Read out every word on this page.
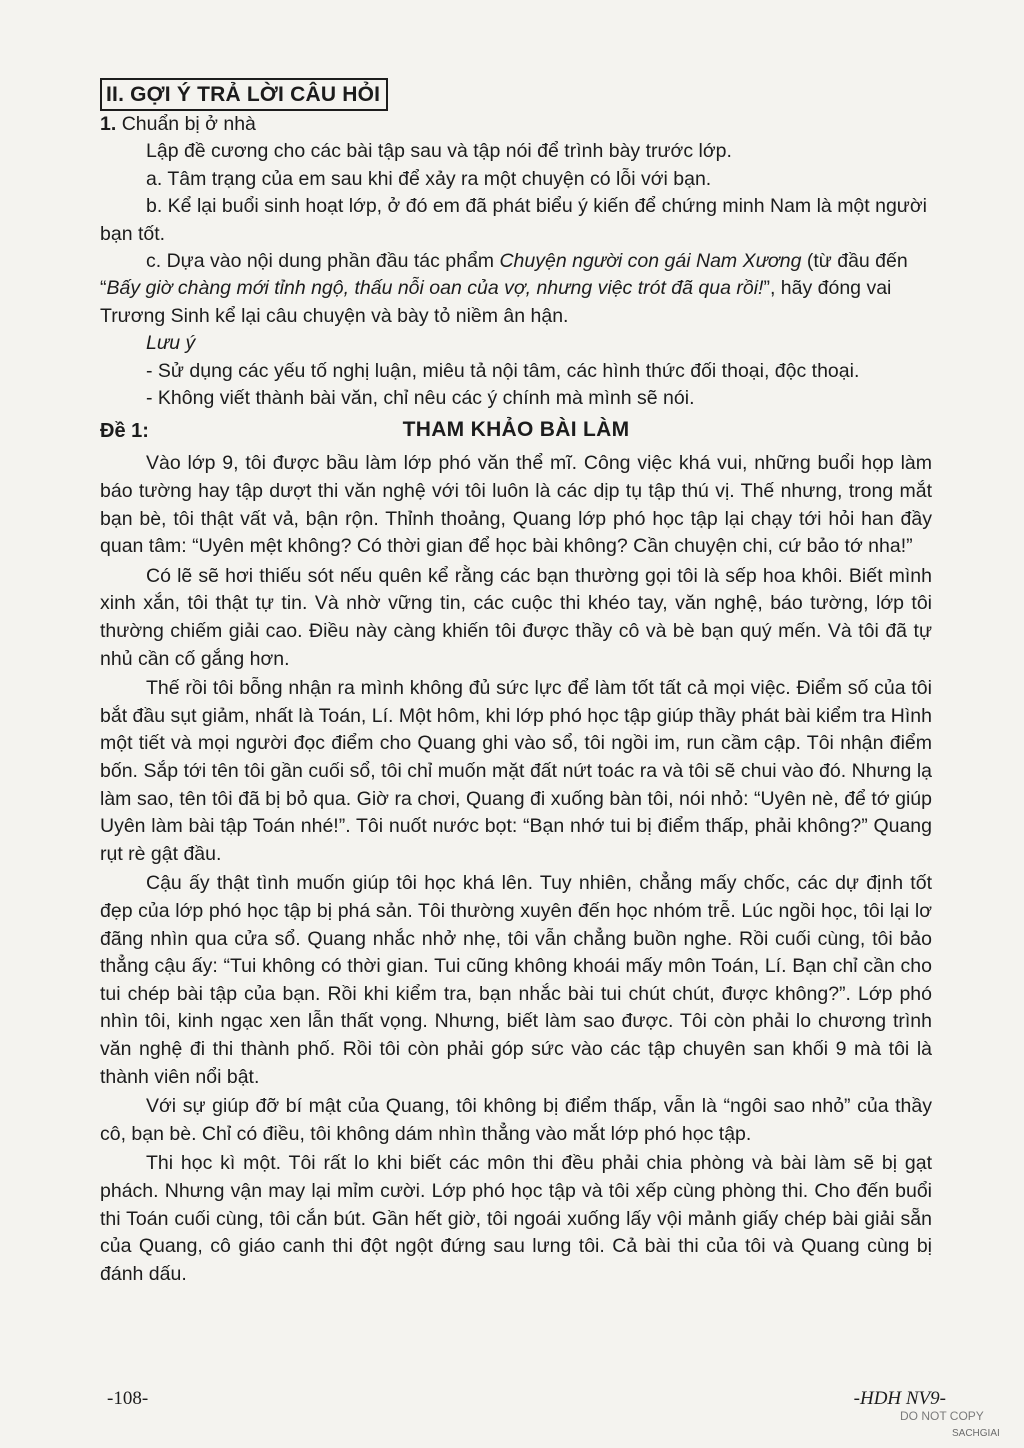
II. GỢI Ý TRẢ LỜI CÂU HỎI

1. Chuẩn bị ở nhà

Lập đề cương cho các bài tập sau và tập nói để trình bày trước lớp.

a. Tâm trạng của em sau khi để xảy ra một chuyện có lỗi với bạn.

b. Kể lại buổi sinh hoạt lớp, ở đó em đã phát biểu ý kiến để chứng minh Nam là một người bạn tốt.

c. Dựa vào nội dung phần đầu tác phẩm Chuyện người con gái Nam Xương (từ đầu đến “Bấy giờ chàng mới tỉnh ngộ, thấu nỗi oan của vợ, nhưng việc trót đã qua rồi!”, hãy đóng vai Trương Sinh kể lại câu chuyện và bày tỏ niềm ân hận.

Lưu ý

- Sử dụng các yếu tố nghị luận, miêu tả nội tâm, các hình thức đối thoại, độc thoại.

- Không viết thành bài văn, chỉ nêu các ý chính mà mình sẽ nói.

Đề 1:	THAM KHẢO BÀI LÀM

Vào lớp 9, tôi được bầu làm lớp phó văn thể mĩ. Công việc khá vui, những buổi họp làm báo tường hay tập dượt thi văn nghệ với tôi luôn là các dịp tụ tập thú vị. Thế nhưng, trong mắt bạn bè, tôi thật vất vả, bận rộn. Thỉnh thoảng, Quang lớp phó học tập lại chạy tới hỏi han đầy quan tâm: “Uyên mệt không? Có thời gian để học bài không? Cần chuyện chi, cứ bảo tớ nha!”

Có lẽ sẽ hơi thiếu sót nếu quên kể rằng các bạn thường gọi tôi là sếp hoa khôi. Biết mình xinh xắn, tôi thật tự tin. Và nhờ vững tin, các cuộc thi khéo tay, văn nghệ, báo tường, lớp tôi thường chiếm giải cao. Điều này càng khiến tôi được thầy cô và bè bạn quý mến. Và tôi đã tự nhủ cần cố gắng hơn.

Thế rồi tôi bỗng nhận ra mình không đủ sức lực để làm tốt tất cả mọi việc. Điểm số của tôi bắt đầu sụt giảm, nhất là Toán, Lí. Một hôm, khi lớp phó học tập giúp thầy phát bài kiểm tra Hình một tiết và mọi người đọc điểm cho Quang ghi vào sổ, tôi ngồi im, run cầm cập. Tôi nhận điểm bốn. Sắp tới tên tôi gần cuối sổ, tôi chỉ muốn mặt đất nứt toác ra và tôi sẽ chui vào đó. Nhưng lạ làm sao, tên tôi đã bị bỏ qua. Giờ ra chơi, Quang đi xuống bàn tôi, nói nhỏ: “Uyên nè, để tớ giúp Uyên làm bài tập Toán nhé!”. Tôi nuốt nước bọt: “Bạn nhớ tui bị điểm thấp, phải không?” Quang rụt rè gật đầu.

Cậu ấy thật tình muốn giúp tôi học khá lên. Tuy nhiên, chẳng mấy chốc, các dự định tốt đẹp của lớp phó học tập bị phá sản. Tôi thường xuyên đến học nhóm trễ. Lúc ngồi học, tôi lại lơ đãng nhìn qua cửa sổ. Quang nhắc nhở nhẹ, tôi vẫn chẳng buồn nghe. Rồi cuối cùng, tôi bảo thẳng cậu ấy: “Tui không có thời gian. Tui cũng không khoái mấy môn Toán, Lí. Bạn chỉ cần cho tui chép bài tập của bạn. Rồi khi kiểm tra, bạn nhắc bài tui chút chút, được không?”. Lớp phó nhìn tôi, kinh ngạc xen lẫn thất vọng. Nhưng, biết làm sao được. Tôi còn phải lo chương trình văn nghệ đi thi thành phố. Rồi tôi còn phải góp sức vào các tập chuyên san khối 9 mà tôi là thành viên nổi bật.

Với sự giúp đỡ bí mật của Quang, tôi không bị điểm thấp, vẫn là “ngôi sao nhỏ” của thầy cô, bạn bè. Chỉ có điều, tôi không dám nhìn thẳng vào mắt lớp phó học tập.

Thi học kì một. Tôi rất lo khi biết các môn thi đều phải chia phòng và bài làm sẽ bị gạt phách. Nhưng vận may lại mỉm cười. Lớp phó học tập và tôi xếp cùng phòng thi. Cho đến buổi thi Toán cuối cùng, tôi cắn bút. Gần hết giờ, tôi ngoái xuống lấy vội mảnh giấy chép bài giải sẵn của Quang, cô giáo canh thi đột ngột đứng sau lưng tôi. Cả bài thi của tôi và Quang cùng bị đánh dấu.

-108-	-HDH NV9-
DO NOT COPY
SACHGIAI
